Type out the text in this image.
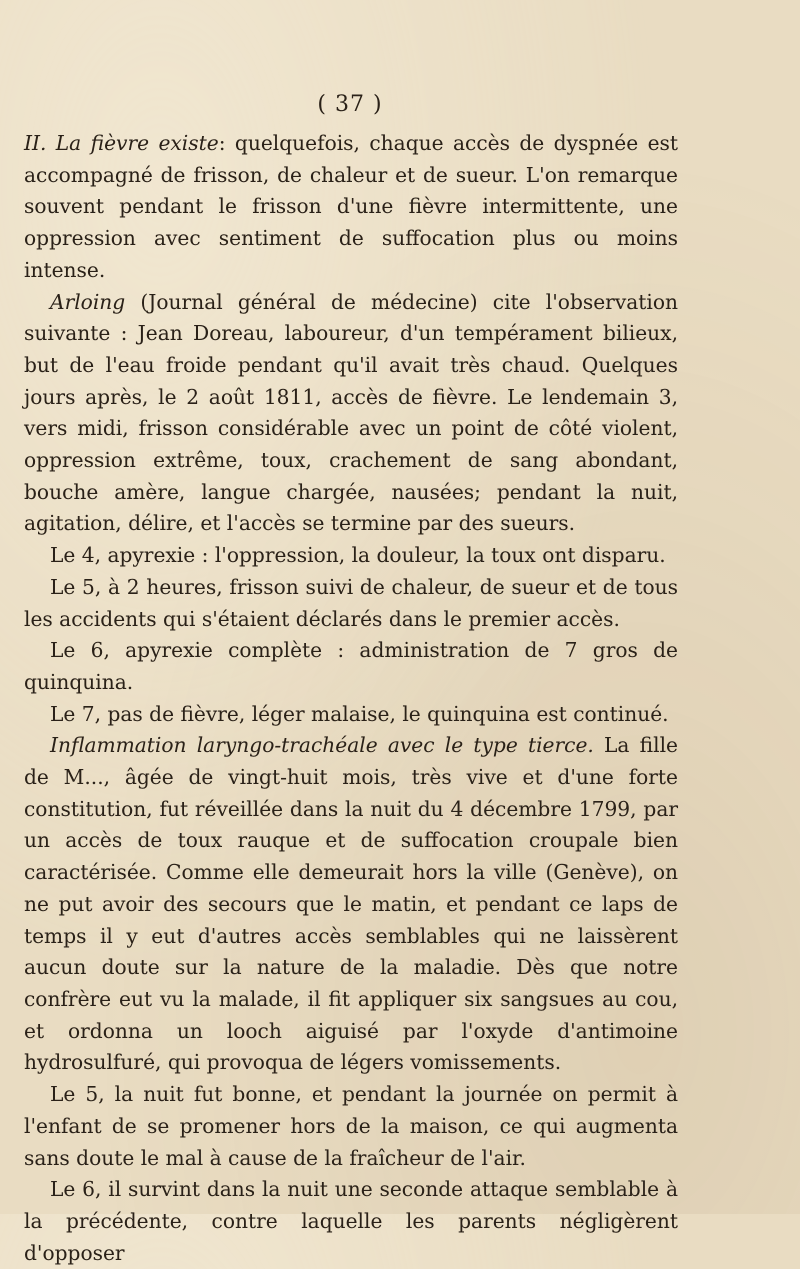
( 37 )

II. La fièvre existe: quelquefois, chaque accès de dyspnée est accompagné de frisson, de chaleur et de sueur. L'on remarque souvent pendant le frisson d'une fièvre intermittente, une oppression avec sentiment de suffocation plus ou moins intense.

Arloing (Journal général de médecine) cite l'observation suivante : Jean Doreau, laboureur, d'un tempérament bilieux, but de l'eau froide pendant qu'il avait très chaud. Quelques jours après, le 2 août 1811, accès de fièvre. Le lendemain 3, vers midi, frisson considérable avec un point de côté violent, oppression extrême, toux, crachement de sang abondant, bouche amère, langue chargée, nausées; pendant la nuit, agitation, délire, et l'accès se termine par des sueurs.

Le 4, apyrexie : l'oppression, la douleur, la toux ont disparu.

Le 5, à 2 heures, frisson suivi de chaleur, de sueur et de tous les accidents qui s'étaient déclarés dans le premier accès.

Le 6, apyrexie complète : administration de 7 gros de quinquina.

Le 7, pas de fièvre, léger malaise, le quinquina est continué.

Inflammation laryngo-trachéale avec le type tierce. La fille de M..., âgée de vingt-huit mois, très vive et d'une forte constitution, fut réveillée dans la nuit du 4 décembre 1799, par un accès de toux rauque et de suffocation croupale bien caractérisée. Comme elle demeurait hors la ville (Genève), on ne put avoir des secours que le matin, et pendant ce laps de temps il y eut d'autres accès semblables qui ne laissèrent aucun doute sur la nature de la maladie. Dès que notre confrère eut vu la malade, il fit appliquer six sangsues au cou, et ordonna un looch aiguisé par l'oxyde d'antimoine hydrosulfuré, qui provoqua de légers vomissements.

Le 5, la nuit fut bonne, et pendant la journée on permit à l'enfant de se promener hors de la maison, ce qui augmenta sans doute le mal à cause de la fraîcheur de l'air.

Le 6, il survint dans la nuit une seconde attaque semblable à la précédente, contre laquelle les parents négligèrent d'opposer
